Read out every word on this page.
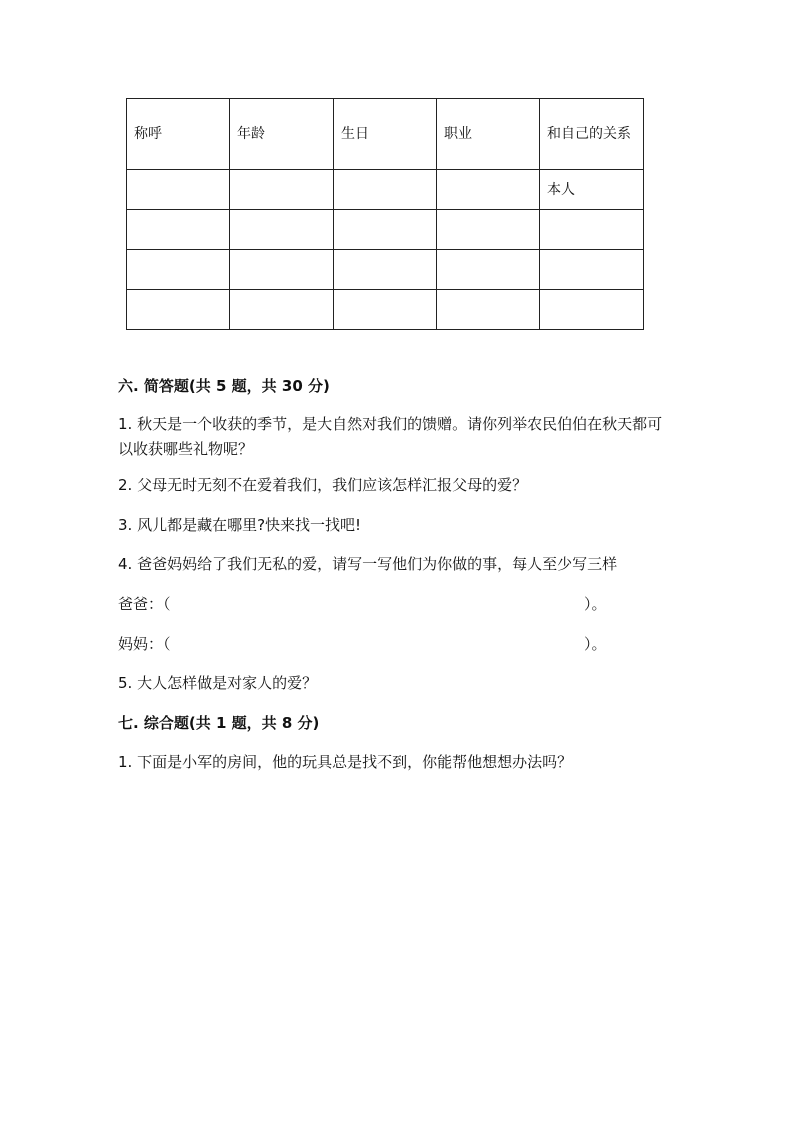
称呼	年龄	生日	职业	和自己的关系
				本人

六. 简答题(共 5 题，共 30 分)

1. 秋天是一个收获的季节，是大自然对我们的馈赠。请你列举农民伯伯在秋天都可以收获哪些礼物呢？

2. 父母无时无刻不在爱着我们，我们应该怎样汇报父母的爱？

3. 风儿都是藏在哪里?快来找一找吧!

4. 爸爸妈妈给了我们无私的爱，请写一写他们为你做的事，每人至少写三样

爸爸：（	）。
妈妈：（	）。

5. 大人怎样做是对家人的爱？

七. 综合题(共 1 题，共 8 分)

1. 下面是小军的房间，他的玩具总是找不到，你能帮他想想办法吗？
